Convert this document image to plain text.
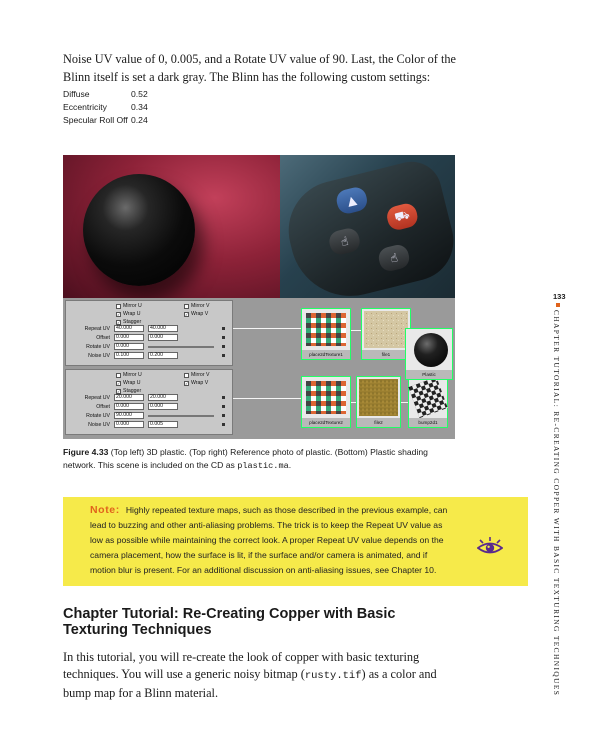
Noise UV value of 0, 0.005, and a Rotate UV value of 90. Last, the Color of the Blinn itself is set a dark gray. The Blinn has the following custom settings:

Diffuse	0.52
Eccentricity	0.34
Specular Roll Off 0.24
▲
☝
⛟
☝
Mirror U	Mirror V
✓ Wrap U	✓ Wrap V
✓ Stagger
Repeat UV	40.000	40.000
Offset	0.000	0.000
Rotate UV	0.000
Noise UV	0.100	0.200
Mirror U	Mirror V
✓ Wrap U	✓ Wrap V
✓ Stagger
Repeat UV	20.000	20.000
Offset	0.000	0.000
Rotate UV	90.000
Noise UV	0.000	0.005
place2dTexture1	file1
place2dTexture2	file2	bump2d1
Plastic

Figure 4.33 (Top left) 3D plastic. (Top right) Reference photo of plastic. (Bottom) Plastic shading network. This scene is included on the CD as plastic.ma.

Note: Highly repeated texture maps, such as those described in the previous example, can lead to buzzing and other anti-aliasing problems. The trick is to keep the Repeat UV value as low as possible while maintaining the correct look. A proper Repeat UV value depends on the camera placement, how the surface is lit, if the surface and/or camera is animated, and if motion blur is present. For an additional discussion on anti-aliasing issues, see Chapter 10.

Chapter Tutorial: Re-Creating Copper with Basic Texturing Techniques

In this tutorial, you will re-create the look of copper with basic texturing techniques. You will use a generic noisy bitmap (rusty.tif) as a color and bump map for a Blinn material.

133
CHAPTER TUTORIAL: RE-CREATING COPPER WITH BASIC TEXTURING TECHNIQUES
